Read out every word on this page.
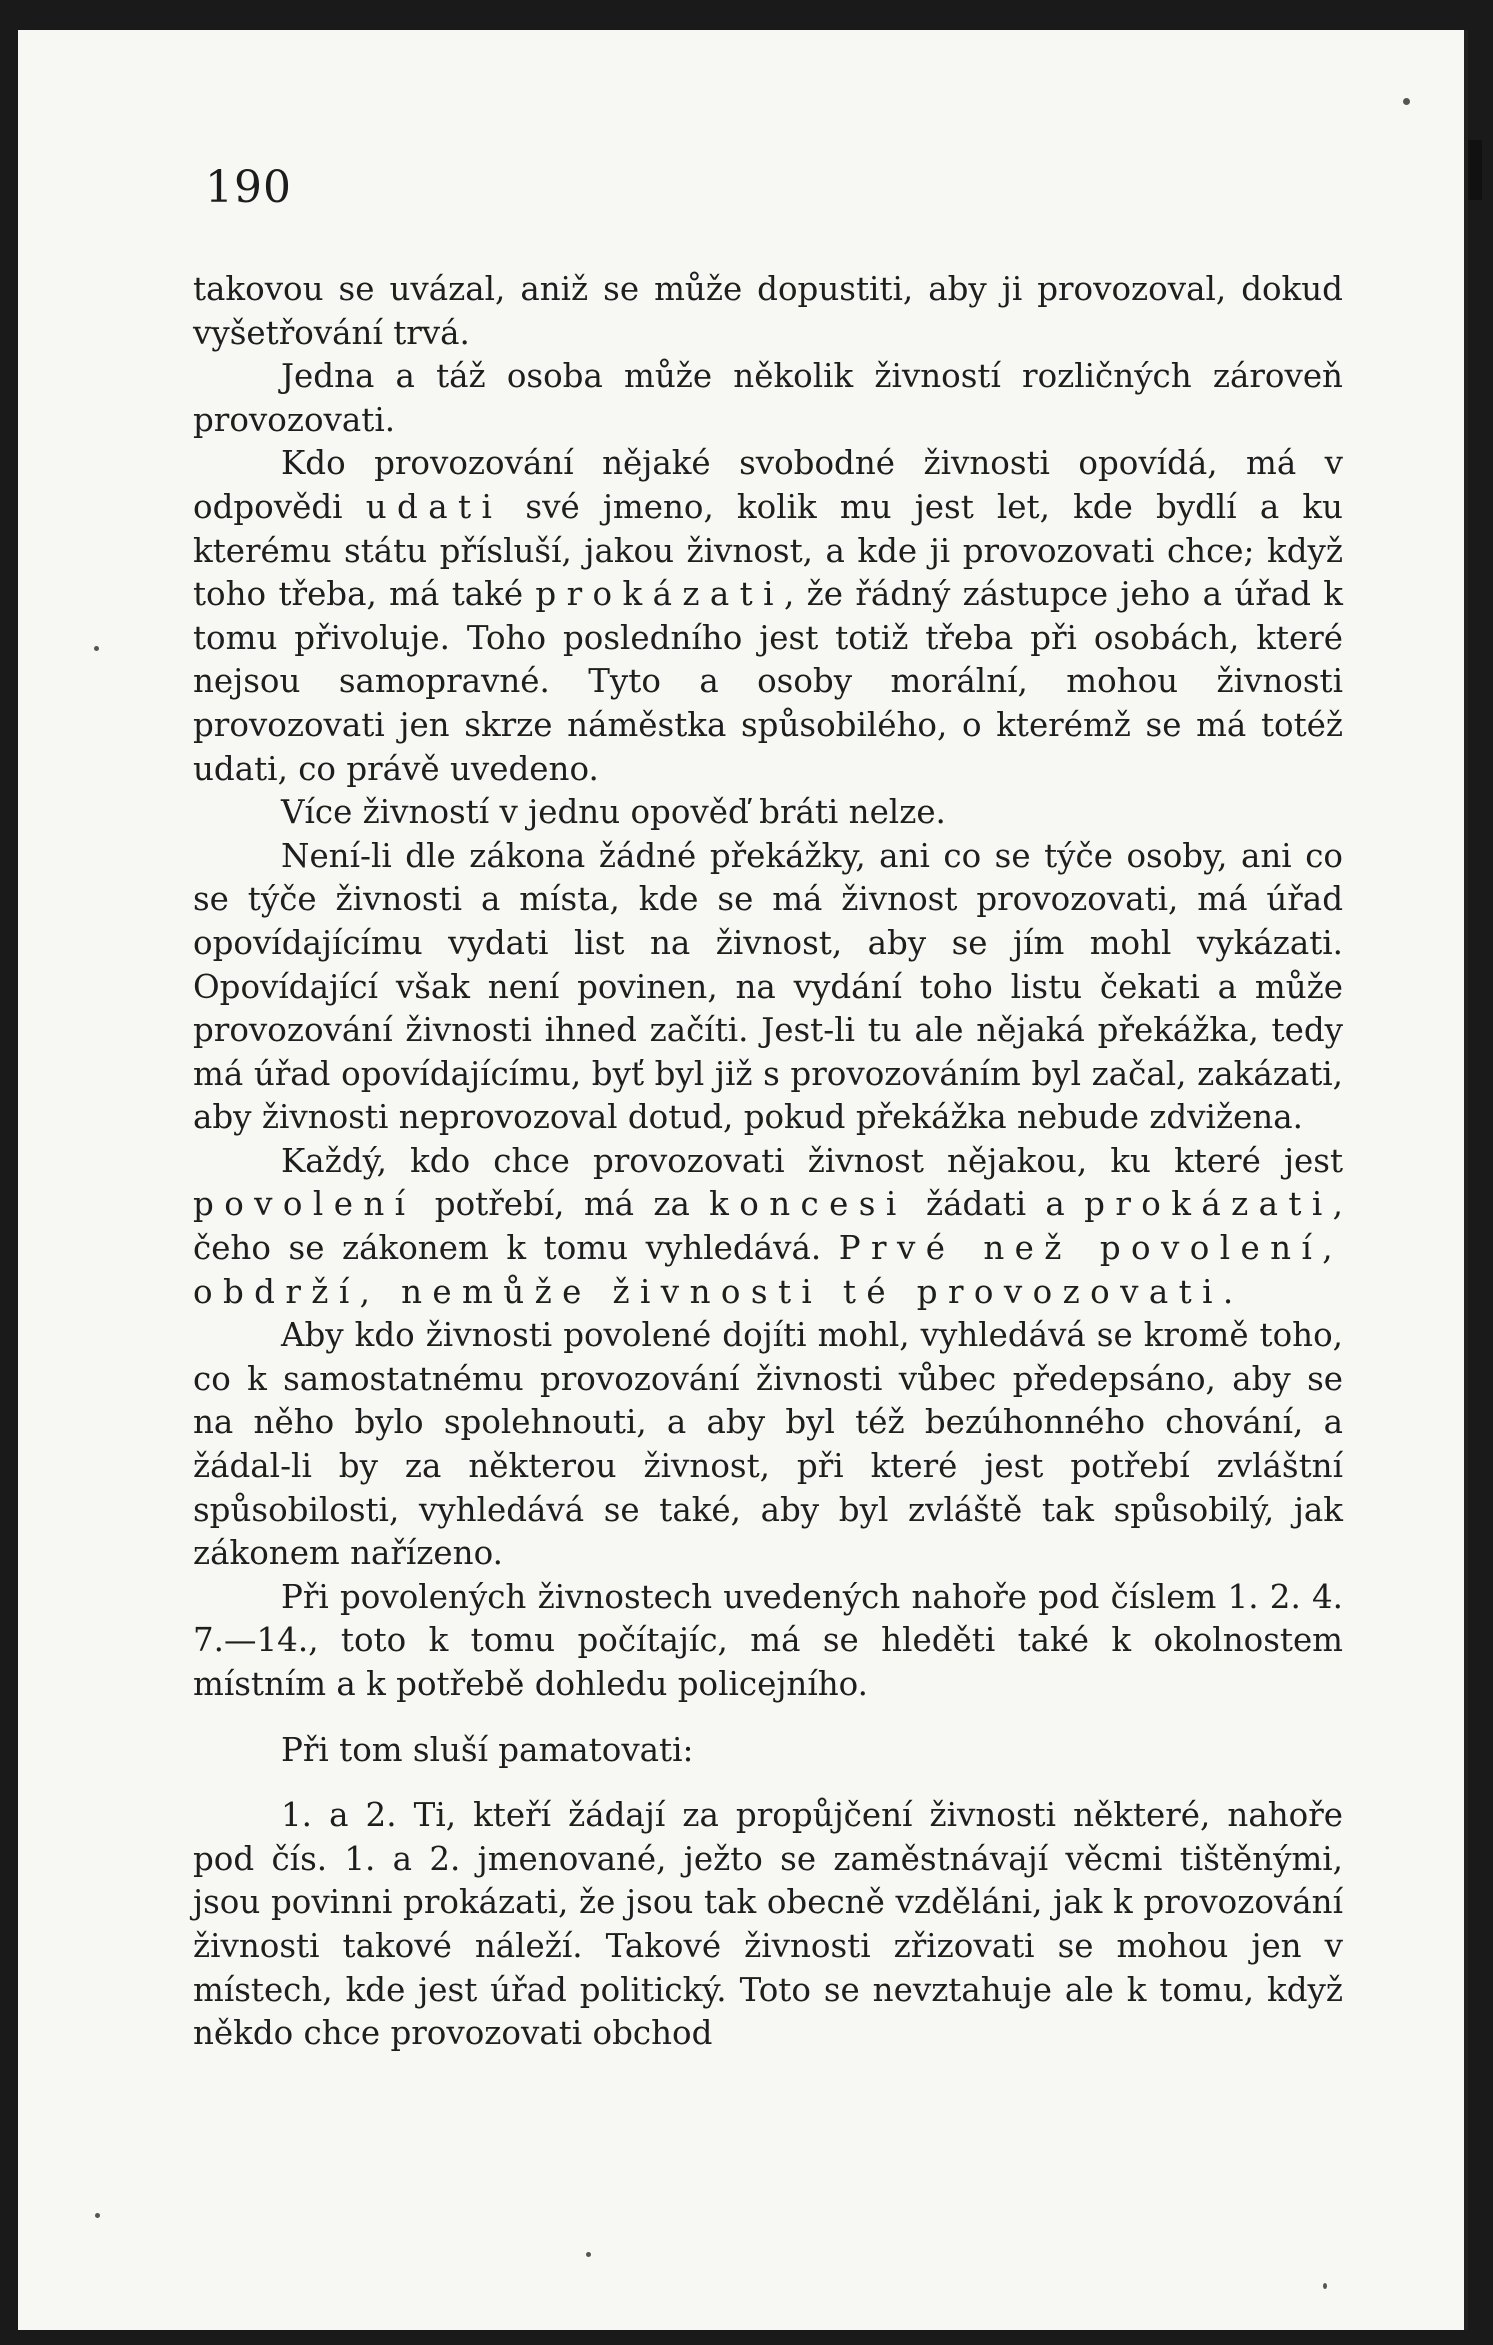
190

takovou se uvázal, aniž se může dopustiti, aby ji provozoval, dokud vyšetřování trvá.

Jedna a táž osoba může několik živností rozličných zároveň provozovati.

Kdo provozování nějaké svobodné živnosti opovídá, má v odpovědi udati své jmeno, kolik mu jest let, kde bydlí a ku kterému státu přísluší, jakou živnost, a kde ji provozovati chce; když toho třeba, má také prokázati, že řádný zástupce jeho a úřad k tomu přivoluje. Toho posledního jest totiž třeba při osobách, které nejsou samopravné. Tyto a osoby morální, mohou živnosti provozovati jen skrze náměstka spůsobilého, o kterémž se má totéž udati, co právě uvedeno.

Více živností v jednu opověď bráti nelze.

Není-li dle zákona žádné překážky, ani co se týče osoby, ani co se týče živnosti a místa, kde se má živnost provozovati, má úřad opovídajícímu vydati list na živnost, aby se jím mohl vykázati. Opovídající však není povinen, na vydání toho listu čekati a může provozování živnosti ihned začíti. Jest-li tu ale nějaká překážka, tedy má úřad opovídajícímu, byť byl již s provozováním byl začal, zakázati, aby živnosti neprovozoval dotud, pokud překážka nebude zdvižena.

Každý, kdo chce provozovati živnost nějakou, ku které jest povolení potřebí, má za koncesi žádati a prokázati, čeho se zákonem k tomu vyhledává. Prvé než povolení, obdrží, nemůže živnosti té provozovati.

Aby kdo živnosti povolené dojíti mohl, vyhledává se kromě toho, co k samostatnému provozování živnosti vůbec předepsáno, aby se na něho bylo spolehnouti, a aby byl též bezúhonného chování, a žádal-li by za některou živnost, při které jest potřebí zvláštní spůsobilosti, vyhledává se také, aby byl zvláště tak spůsobilý, jak zákonem nařízeno.

Při povolených živnostech uvedených nahoře pod číslem 1. 2. 4. 7.—14., toto k tomu počítajíc, má se hleděti také k okolnostem místním a k potřebě dohledu policejního.

Při tom sluší pamatovati:

1. a 2. Ti, kteří žádají za propůjčení živnosti některé, nahoře pod čís. 1. a 2. jmenované, ježto se zaměstnávají věcmi tištěnými, jsou povinni prokázati, že jsou tak obecně vzděláni, jak k provozování živnosti takové náleží. Takové živnosti zřizovati se mohou jen v místech, kde jest úřad politický. Toto se nevztahuje ale k tomu, když někdo chce provozovati obchod
